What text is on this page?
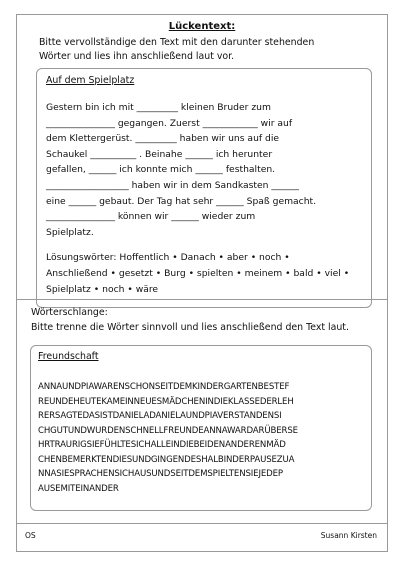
Lückentext:
Bitte vervollständige den Text mit den darunter stehenden
Wörter und lies ihn anschließend laut vor.
Auf dem Spielplatz
Gestern bin ich mit _________ kleinen Bruder zum
_______________ gegangen. Zuerst ____________ wir auf
dem Klettergerüst. _________ haben wir uns auf die
Schaukel __________ . Beinahe ______ ich herunter
gefallen, ______ ich konnte mich ______ festhalten.
__________________ haben wir in dem Sandkasten ______
eine ______ gebaut. Der Tag hat sehr ______ Spaß gemacht.
_______________ können wir ______ wieder zum
Spielplatz.
Lösungswörter: Hoffentlich • Danach • aber • noch •
Anschließend • gesetzt • Burg • spielten • meinem • bald • viel •
Spielplatz • noch • wäre
Wörterschlange:
Bitte trenne die Wörter sinnvoll und lies anschließend den Text laut.
Freundschaft
ANNAUNDPIAWARENSCHONSEITDEMKINDERGARTENBESTEF
REUNDEHEUTEKAMEINNEUESMÄDCHENINDIEKLASSEDERLEH
RERSAGTEDASISTDANIELADANIELAUNDPIAVERSTANDENSI
CHGUTUNDWURDENSCHNELLFREUNDEANNAWARDARÜBERSE
HRTRAURIGSIEFÜHLTESICHALLEINDIEBEIDENANDERENMÄD
CHENBEMERKTENDIESUNDGINGENDESHALBINDERPAUSEZUA
NNASIESPRACHENSICHAUSUNDSEITDEMSPIELTENSIEJEDEP
AUSEMITEINANDER
OS	Susann Kirsten
